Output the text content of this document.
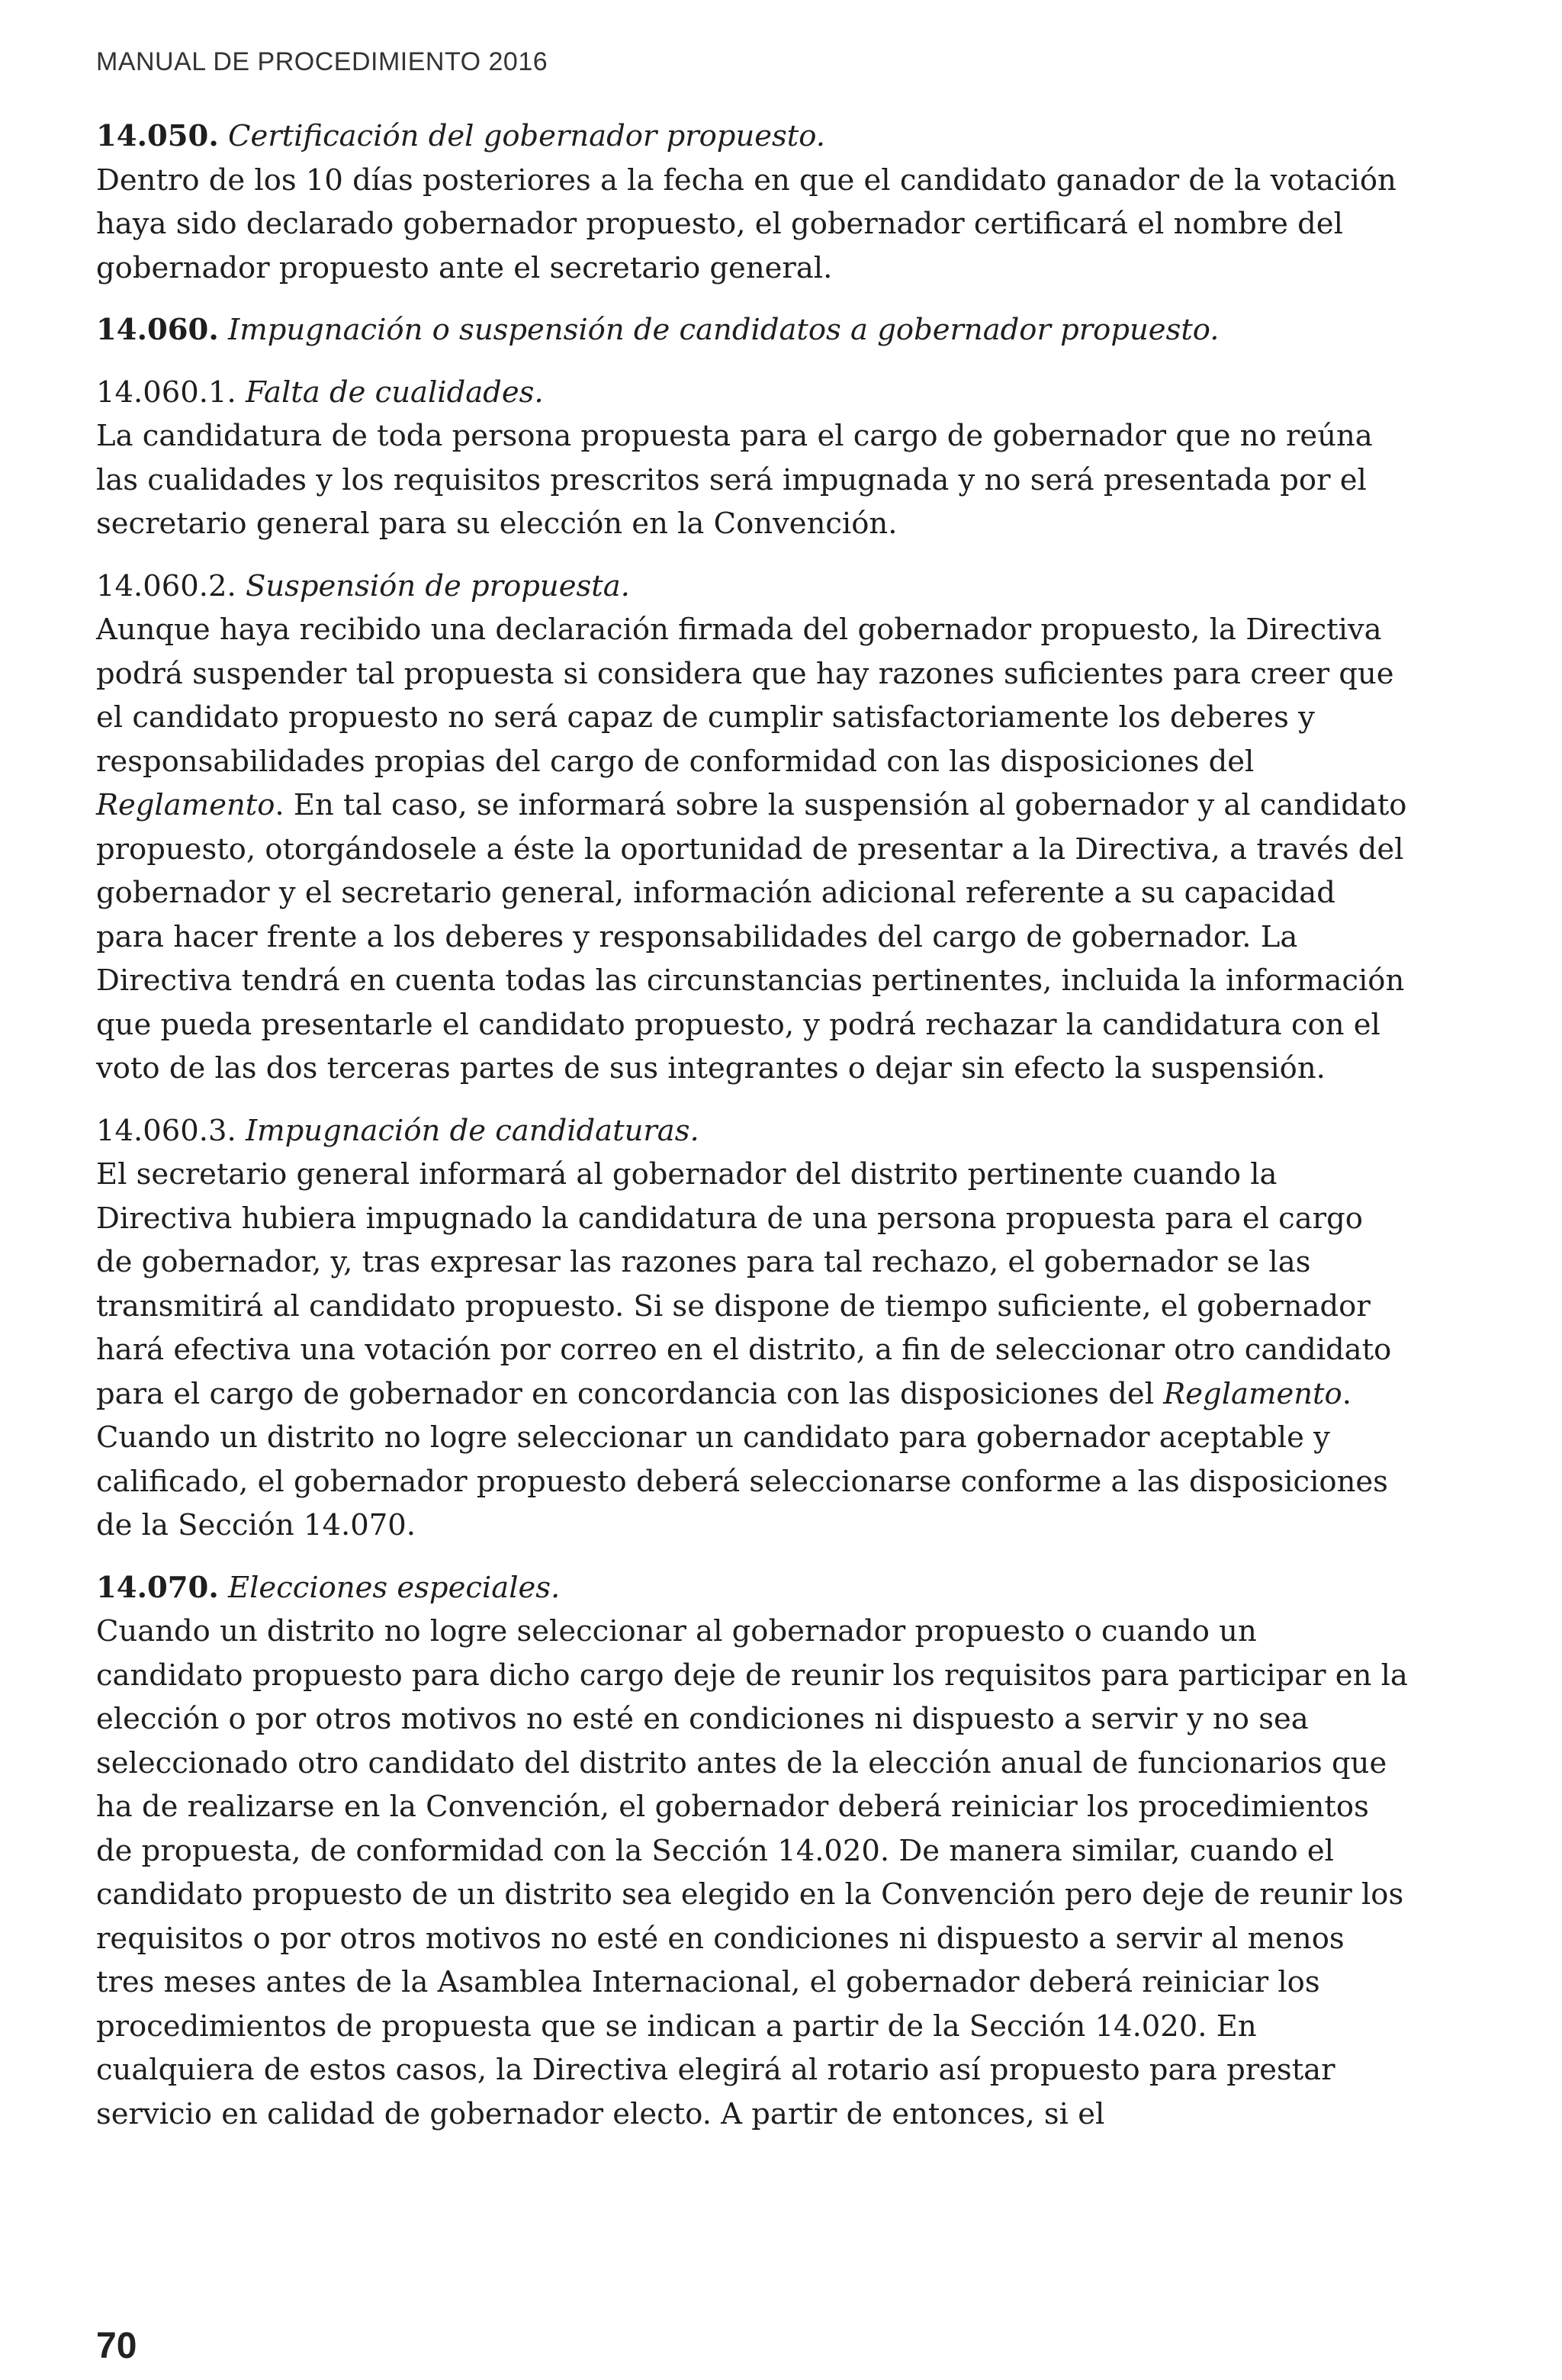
MANUAL DE PROCEDIMIENTO 2016

14.050. Certificación del gobernador propuesto.

Dentro de los 10 días posteriores a la fecha en que el candidato ganador de la votación haya sido declarado gobernador propuesto, el gobernador certificará el nombre del gobernador propuesto ante el secretario general.

14.060. Impugnación o suspensión de candidatos a gobernador propuesto.

14.060.1. Falta de cualidades.

La candidatura de toda persona propuesta para el cargo de gobernador que no reúna las cualidades y los requisitos prescritos será impugnada y no será presentada por el secretario general para su elección en la Convención.

14.060.2. Suspensión de propuesta.

Aunque haya recibido una declaración firmada del gobernador propuesto, la Directiva podrá suspender tal propuesta si considera que hay razones suficientes para creer que el candidato propuesto no será capaz de cumplir satisfactoriamente los deberes y responsabilidades propias del cargo de conformidad con las disposiciones del Reglamento. En tal caso, se informará sobre la suspensión al gobernador y al candidato propuesto, otorgándosele a éste la oportunidad de presentar a la Directiva, a través del gobernador y el secretario general, información adicional referente a su capacidad para hacer frente a los deberes y responsabilidades del cargo de gobernador. La Directiva tendrá en cuenta todas las circunstancias pertinentes, incluida la información que pueda presentarle el candidato propuesto, y podrá rechazar la candidatura con el voto de las dos terceras partes de sus integrantes o dejar sin efecto la suspensión.

14.060.3. Impugnación de candidaturas.

El secretario general informará al gobernador del distrito pertinente cuando la Directiva hubiera impugnado la candidatura de una persona propuesta para el cargo de gobernador, y, tras expresar las razones para tal rechazo, el gobernador se las transmitirá al candidato propuesto. Si se dispone de tiempo suficiente, el gobernador hará efectiva una votación por correo en el distrito, a fin de seleccionar otro candidato para el cargo de gobernador en concordancia con las disposiciones del Reglamento. Cuando un distrito no logre seleccionar un candidato para gobernador aceptable y calificado, el gobernador propuesto deberá seleccionarse conforme a las disposiciones de la Sección 14.070.

14.070. Elecciones especiales.

Cuando un distrito no logre seleccionar al gobernador propuesto o cuando un candidato propuesto para dicho cargo deje de reunir los requisitos para participar en la elección o por otros motivos no esté en condiciones ni dispuesto a servir y no sea seleccionado otro candidato del distrito antes de la elección anual de funcionarios que ha de realizarse en la Convención, el gobernador deberá reiniciar los procedimientos de propuesta, de conformidad con la Sección 14.020. De manera similar, cuando el candidato propuesto de un distrito sea elegido en la Convención pero deje de reunir los requisitos o por otros motivos no esté en condiciones ni dispuesto a servir al menos tres meses antes de la Asamblea Internacional, el gobernador deberá reiniciar los procedimientos de propuesta que se indican a partir de la Sección 14.020. En cualquiera de estos casos, la Directiva elegirá al rotario así propuesto para prestar servicio en calidad de gobernador electo. A partir de entonces, si el

70
